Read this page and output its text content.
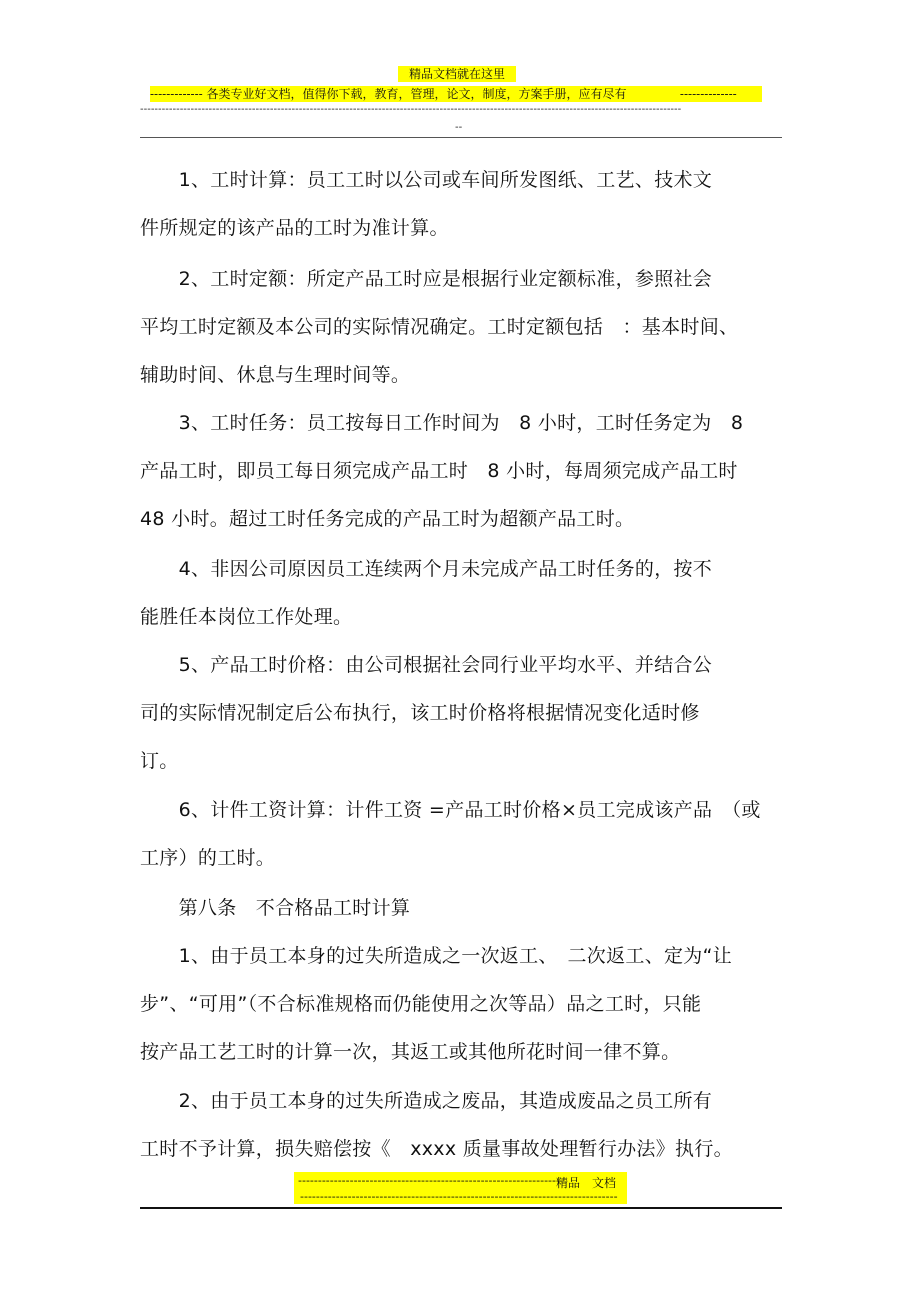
精品文档就在这里
------------- 各类专业好文档，值得你下载，教育，管理，论文，制度，方案手册，应有尽有              --------------
------------------------------------------------------------------------------------------------------------------------------------------------------
--
　　1、工时计算：员工工时以公司或车间所发图纸、工艺、技术文
件所规定的该产品的工时为准计算。
　　2、工时定额：所定产品工时应是根据行业定额标准，参照社会
平均工时定额及本公司的实际情况确定。工时定额包括　：基本时间、
辅助时间、休息与生理时间等。
　　3、工时任务：员工按每日工作时间为　8 小时，工时任务定为　8
产品工时，即员工每日须完成产品工时　8 小时，每周须完成产品工时
48 小时。超过工时任务完成的产品工时为超额产品工时。
　　4、非因公司原因员工连续两个月未完成产品工时任务的，按不
能胜任本岗位工作处理。
　　5、产品工时价格：由公司根据社会同行业平均水平、并结合公
司的实际情况制定后公布执行，该工时价格将根据情况变化适时修
订。
　　6、计件工资计算：计件工资 =产品工时价格×员工完成该产品　（或
工序）的工时。
　　第八条　不合格品工时计算
　　1、由于员工本身的过失所造成之一次返工、　二次返工、定为“让
步”、“可用”（不合标准规格而仍能使用之次等品）品之工时，只能
按产品工艺工时的计算一次，其返工或其他所花时间一律不算。
　　2、由于员工本身的过失所造成之废品，其造成废品之员工所有
工时不予计算，损失赔偿按《　xxxx 质量事故处理暂行办法》执行。
-------------------------------------------------------------------
精品　文档
--------------------------------------------------------------------------------
